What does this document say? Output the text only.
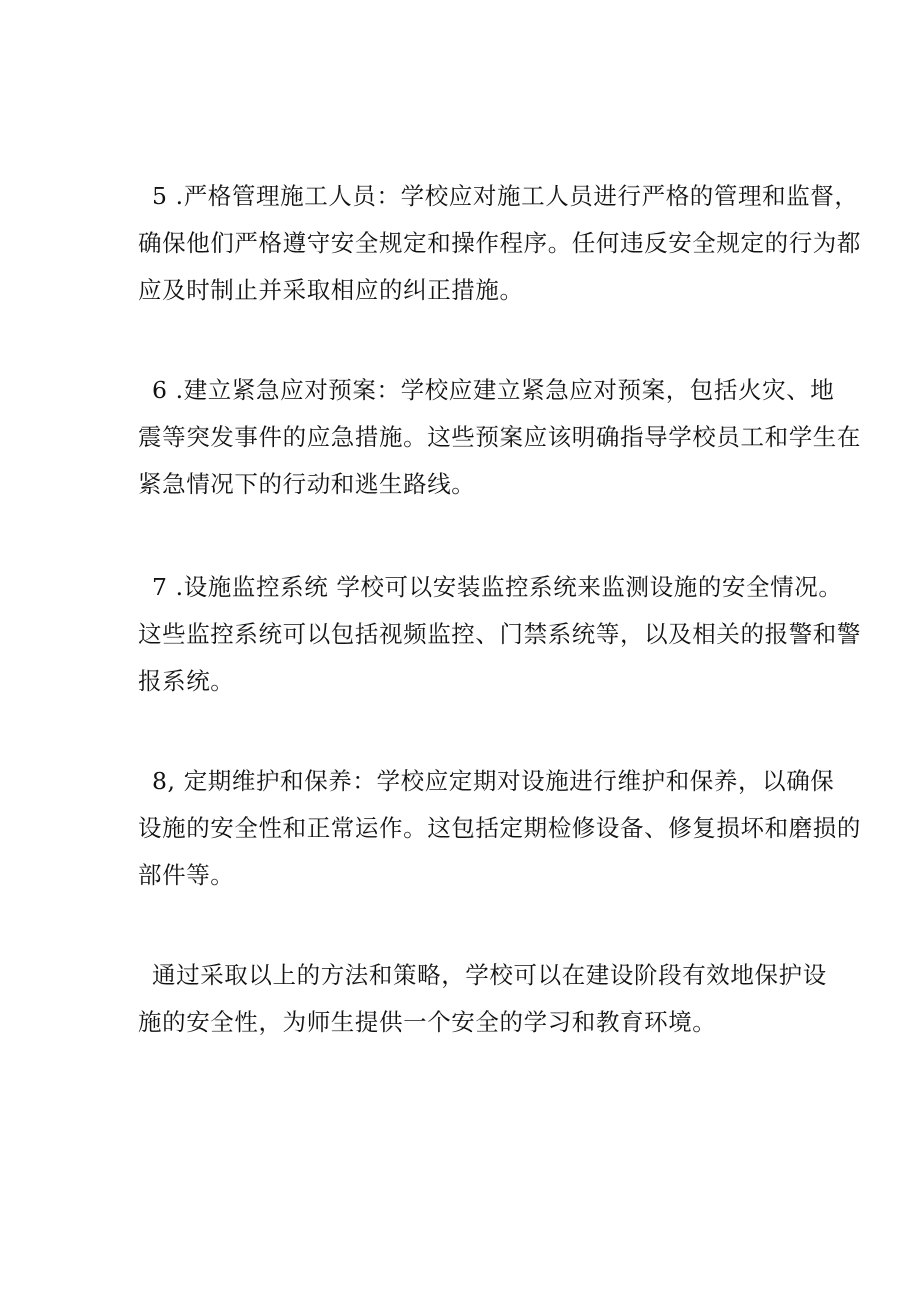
5 .严格管理施工人员：学校应对施工人员进行严格的管理和监督，
确保他们严格遵守安全规定和操作程序。任何违反安全规定的行为都
应及时制止并采取相应的纠正措施。
6 .建立紧急应对预案：学校应建立紧急应对预案，包括火灾、地
震等突发事件的应急措施。这些预案应该明确指导学校员工和学生在
紧急情况下的行动和逃生路线。
7 .设施监控系统 学校可以安装监控系统来监测设施的安全情况。
这些监控系统可以包括视频监控、门禁系统等，以及相关的报警和警
报系统。
8, 定期维护和保养：学校应定期对设施进行维护和保养，以确保
设施的安全性和正常运作。这包括定期检修设备、修复损坏和磨损的
部件等。
通过采取以上的方法和策略，学校可以在建设阶段有效地保护设
施的安全性，为师生提供一个安全的学习和教育环境。
